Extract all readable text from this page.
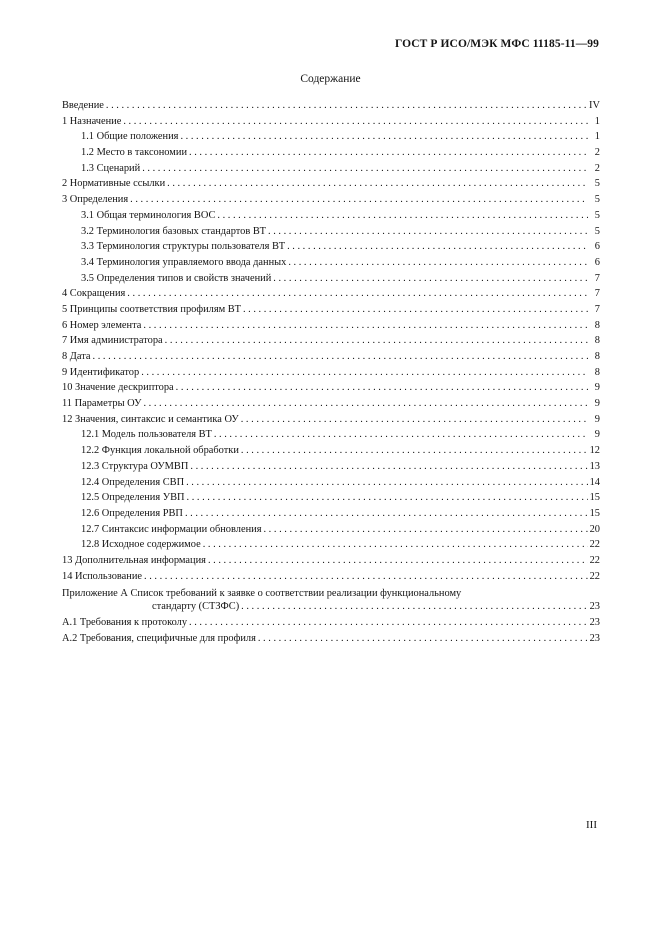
ГОСТ Р ИСО/МЭК МФС 11185-11—99
Содержание
Введение . . .	IV
1 Назначение . . .	1
1.1 Общие положения . . .	1
1.2 Место в таксономии . . .	2
1.3 Сценарий . . .	2
2 Нормативные ссылки . . .	5
3 Определения . . .	5
3.1 Общая терминология ВОС . . .	5
3.2 Терминология базовых стандартов ВТ . . .	5
3.3 Терминология структуры пользователя ВТ . . .	6
3.4 Терминология управляемого ввода данных . . .	6
3.5 Определения типов и свойств значений . . .	7
4 Сокращения . . .	7
5 Принципы соответствия профилям ВТ . . .	7
6 Номер элемента . . .	8
7 Имя администратора . . .	8
8 Дата . . .	8
9 Идентификатор . . .	8
10 Значение дескриптора . . .	9
11 Параметры ОУ . . .	9
12 Значения, синтаксис и семантика ОУ . . .	9
12.1 Модель пользователя ВТ . . .	9
12.2 Функция локальной обработки . . .	12
12.3 Структура ОУМВП . . .	13
12.4 Определения СВП . . .	14
12.5 Определения УВП . . .	15
12.6 Определения РВП . . .	15
12.7 Синтаксис информации обновления . . .	20
12.8 Исходное содержимое . . .	22
13 Дополнительная информация . . .	22
14 Использование . . .	22
Приложение А Список требований к заявке о соответствии реализации функциональному
стандарту (СТЗФС) . . .	23
А.1 Требования к протоколу . . .	23
А.2 Требования, специфичные для профиля . . .	23
III
